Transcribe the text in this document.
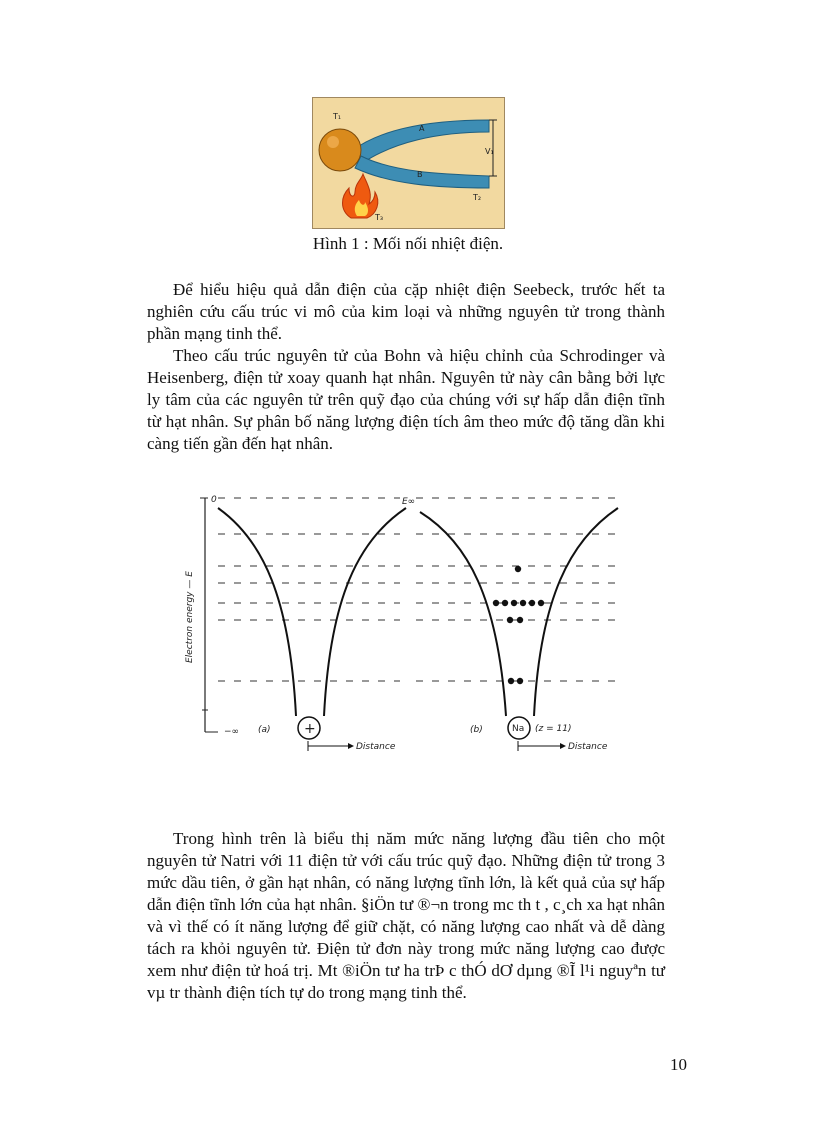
T₁
A
B
V₁
T₂
T₃
Hình 1 : Mối nối nhiệt điện.

Để hiểu hiệu quả dẫn điện của cặp nhiệt điện Seebeck, trước hết ta nghiên cứu cấu trúc vi mô của kim loại và những nguyên tử trong thành phần mạng tinh thể.

Theo cấu trúc nguyên tử của Bohn và hiệu chỉnh của Schrodinger và Heisenberg, điện tử xoay quanh hạt nhân. Nguyên tử này cân bằng bởi lực ly tâm của các nguyên tử trên quỹ đạo của chúng với sự hấp dẫn điện tĩnh từ hạt nhân. Sự phân bố năng lượng điện tích âm theo mức độ tăng dần khi càng tiến gần đến hạt nhân.

0	E∞
Electron energy — E
−∞	+	Na (z = 11)
(a)	(b)
Distance	Distance

Trong hình trên là biểu thị năm mức năng lượng đầu tiên cho một nguyên tử Natri với 11 điện tử với cấu trúc quỹ đạo. Những điện tử trong 3 mức dầu tiên, ở gần hạt nhân, có năng lượng tĩnh lớn, là kết quả của sự hấp dẫn điện tĩnh lớn của hạt nhân. §iÖn tư ®¬n trong mc th t , c¸ch xa hạt nhân và vì thế có ít năng lượng để giữ chặt, có năng lượng cao nhất và dễ dàng tách ra khỏi nguyên tử. Điện tử đơn này trong mức năng lượng cao được xem như điện tử hoá trị. Mt ®iÖn tư ha trÞ c thÓ dƠ dµng ®Ĩ l¹i nguyªn tư vµ tr thành điện tích tự do trong mạng tinh thể.

10
